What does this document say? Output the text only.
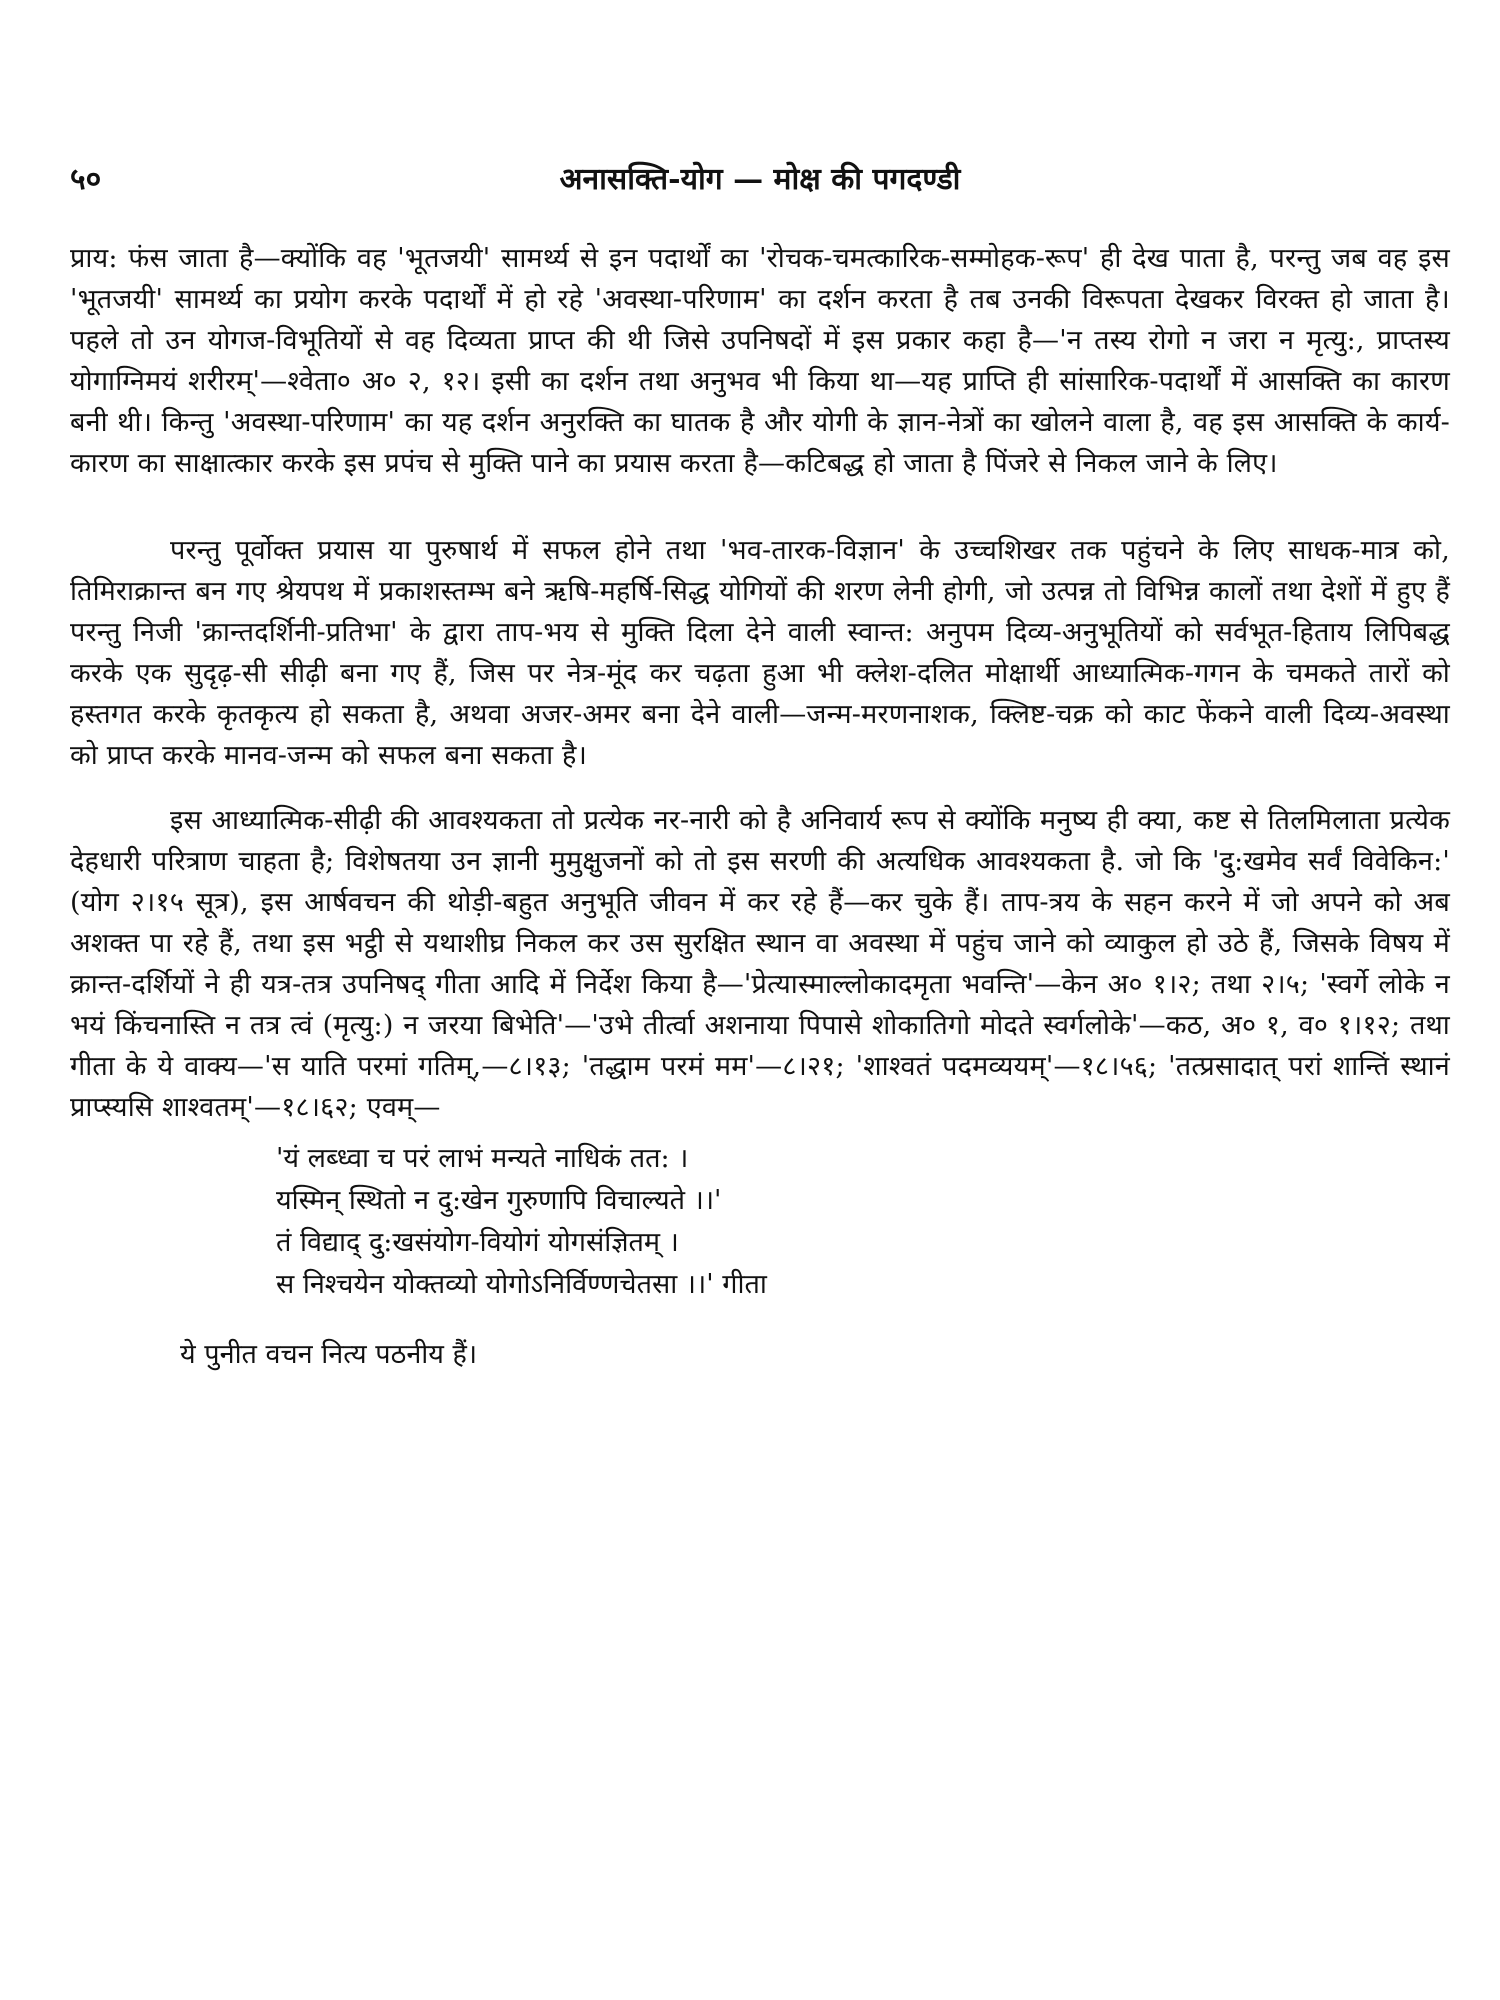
५०	अनासक्ति-योग — मोक्ष की पगदण्डी

प्राय: फंस जाता है—क्योंकि वह 'भूतजयी' सामर्थ्य से इन पदार्थों का 'रोचक-चमत्कारिक-सम्मोहक-रूप' ही देख पाता है, परन्तु जब वह इस 'भूतजयी' सामर्थ्य का प्रयोग करके पदार्थों में हो रहे 'अवस्था-परिणाम' का दर्शन करता है तब उनकी विरूपता देखकर विरक्त हो जाता है। पहले तो उन योगज-विभूतियों से वह दिव्यता प्राप्त की थी जिसे उपनिषदों में इस प्रकार कहा है—'न तस्य रोगो न जरा न मृत्यु:, प्राप्तस्य योगाग्निमयं शरीरम्'—श्वेता० अ० २, १२। इसी का दर्शन तथा अनुभव भी किया था—यह प्राप्ति ही सांसारिक-पदार्थों में आसक्ति का कारण बनी थी। किन्तु 'अवस्था-परिणाम' का यह दर्शन अनुरक्ति का घातक है और योगी के ज्ञान-नेत्रों का खोलने वाला है, वह इस आसक्ति के कार्य-कारण का साक्षात्कार करके इस प्रपंच से मुक्ति पाने का प्रयास करता है—कटिबद्ध हो जाता है पिंजरे से निकल जाने के लिए।

परन्तु पूर्वोक्त प्रयास या पुरुषार्थ में सफल होने तथा 'भव-तारक-विज्ञान' के उच्चशिखर तक पहुंचने के लिए साधक-मात्र को, तिमिराक्रान्त बन गए श्रेयपथ में प्रकाशस्तम्भ बने ऋषि-महर्षि-सिद्ध योगियों की शरण लेनी होगी, जो उत्पन्न तो विभिन्न कालों तथा देशों में हुए हैं परन्तु निजी 'क्रान्तदर्शिनी-प्रतिभा' के द्वारा ताप-भय से मुक्ति दिला देने वाली स्वान्त: अनुपम दिव्य-अनुभूतियों को सर्वभूत-हिताय लिपिबद्ध करके एक सुदृढ़-सी सीढ़ी बना गए हैं, जिस पर नेत्र-मूंद कर चढ़ता हुआ भी क्लेश-दलित मोक्षार्थी आध्यात्मिक-गगन के चमकते तारों को हस्तगत करके कृतकृत्य हो सकता है, अथवा अजर-अमर बना देने वाली—जन्म-मरणनाशक, क्लिष्ट-चक्र को काट फेंकने वाली दिव्य-अवस्था को प्राप्त करके मानव-जन्म को सफल बना सकता है।

इस आध्यात्मिक-सीढ़ी की आवश्यकता तो प्रत्येक नर-नारी को है अनिवार्य रूप से क्योंकि मनुष्य ही क्या, कष्ट से तिलमिलाता प्रत्येक देहधारी परित्राण चाहता है; विशेषतया उन ज्ञानी मुमुक्षुजनों को तो इस सरणी की अत्यधिक आवश्यकता है. जो कि 'दु:खमेव सर्वं विवेकिन:' (योग २।१५ सूत्र), इस आर्षवचन की थोड़ी-बहुत अनुभूति जीवन में कर रहे हैं—कर चुके हैं। ताप-त्रय के सहन करने में जो अपने को अब अशक्त पा रहे हैं, तथा इस भट्ठी से यथाशीघ्र निकल कर उस सुरक्षित स्थान वा अवस्था में पहुंच जाने को व्याकुल हो उठे हैं, जिसके विषय में क्रान्त-दर्शियों ने ही यत्र-तत्र उपनिषद् गीता आदि में निर्देश किया है—'प्रेत्यास्माल्लोकादमृता भवन्ति'—केन अ० १।२; तथा २।५; 'स्वर्गे लोके न भयं किंचनास्ति न तत्र त्वं (मृत्यु:) न जरया बिभेति'—'उभे तीर्त्वा अशनाया पिपासे शोकातिगो मोदते स्वर्गलोके'—कठ, अ० १, व० १।१२; तथा गीता के ये वाक्य—'स याति परमां गतिम्,—८।१३; 'तद्धाम परमं मम'—८।२१; 'शाश्वतं पदमव्ययम्'—१८।५६; 'तत्प्रसादात् परां शान्तिं स्थानं प्राप्स्यसि शाश्वतम्'—१८।६२; एवम्—

'यं लब्ध्वा च परं लाभं मन्यते नाधिकं तत: ।
यस्मिन् स्थितो न दु:खेन गुरुणापि विचाल्यते ।।'
तं विद्याद् दु:खसंयोग-वियोगं योगसंज्ञितम् ।
स निश्चयेन योक्तव्यो योगोऽनिर्विण्णचेतसा ।।' गीता

ये पुनीत वचन नित्य पठनीय हैं।
